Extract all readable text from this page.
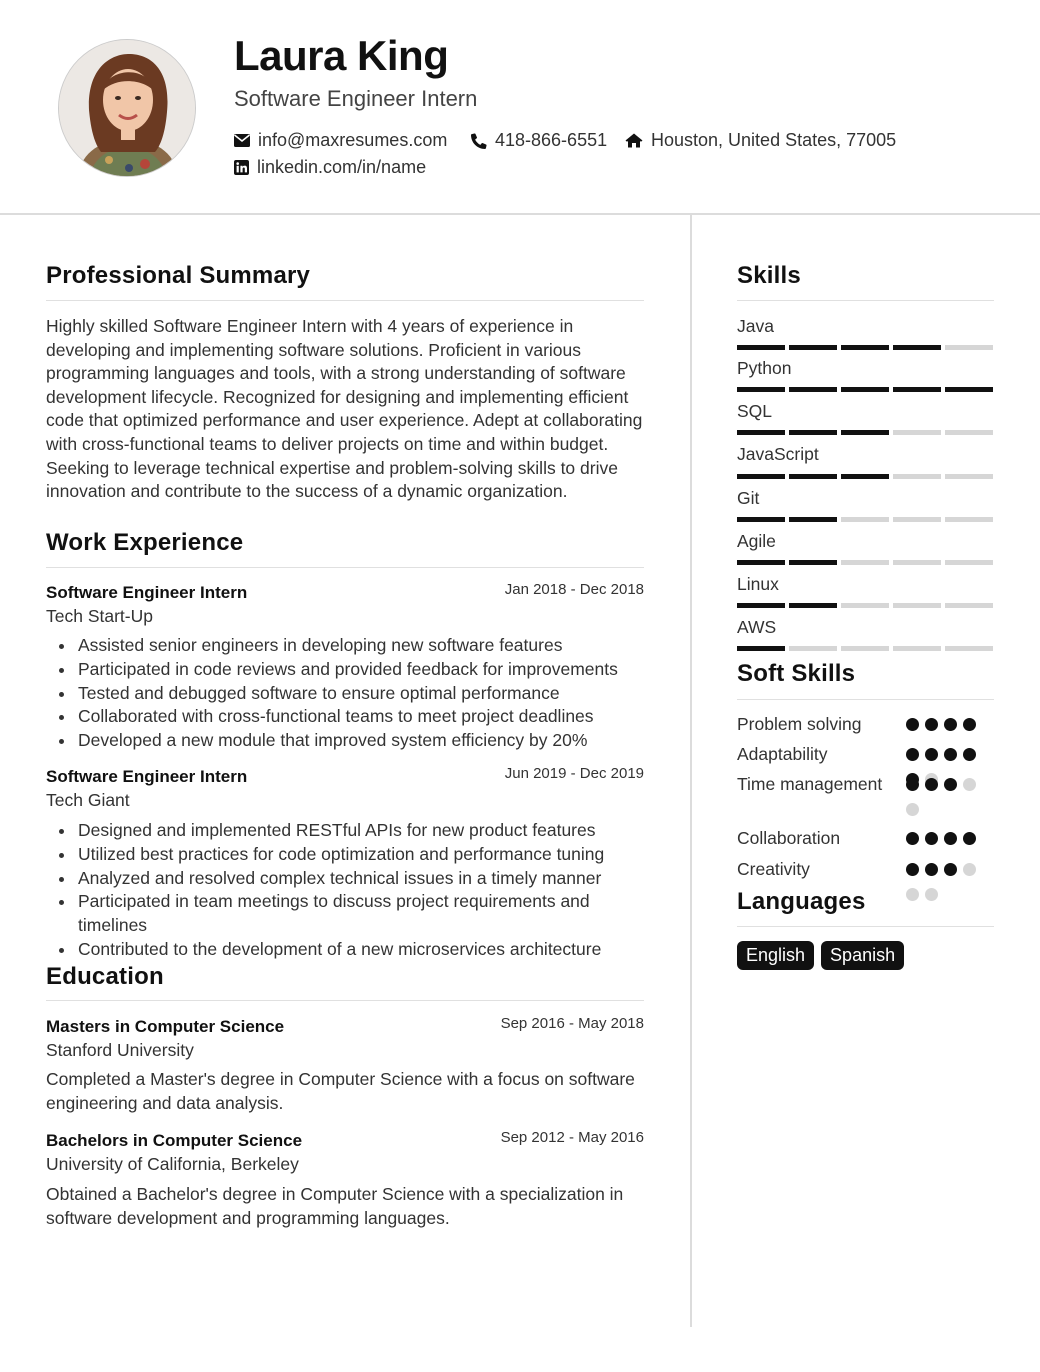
Laura King
Software Engineer Intern
info@maxresumes.com	418-866-6551 Houston, United States, 77005
linkedin.com/in/name
Professional Summary
Highly skilled Software Engineer Intern with 4 years of experience in developing and implementing software solutions. Proficient in various programming languages and tools, with a strong understanding of software development lifecycle. Recognized for designing and implementing efficient code that optimized performance and user experience. Adept at collaborating with cross-functional teams to deliver projects on time and within budget. Seeking to leverage technical expertise and problem-solving skills to drive innovation and contribute to the success of a dynamic organization.
Work Experience
Software Engineer Intern	Jan 2018 - Dec 2018
Tech Start-Up
Assisted senior engineers in developing new software features
Participated in code reviews and provided feedback for improvements
Tested and debugged software to ensure optimal performance
Collaborated with cross-functional teams to meet project deadlines
Developed a new module that improved system efficiency by 20%
Software Engineer Intern	Jun 2019 - Dec 2019
Tech Giant
Designed and implemented RESTful APIs for new product features
Utilized best practices for code optimization and performance tuning
Analyzed and resolved complex technical issues in a timely manner
Participated in team meetings to discuss project requirements and timelines
Contributed to the development of a new microservices architecture
Education
Masters in Computer Science	Sep 2016 - May 2018
Stanford University
Completed a Master's degree in Computer Science with a focus on software engineering and data analysis.
Bachelors in Computer Science	Sep 2012 - May 2016
University of California, Berkeley
Obtained a Bachelor's degree in Computer Science with a specialization in software development and programming languages.
Skills
Java
Python
SQL
JavaScript
Git
Agile
Linux
AWS
Soft Skills
Problem solving
Adaptability
Time management
Collaboration
Creativity
Languages
English	Spanish
